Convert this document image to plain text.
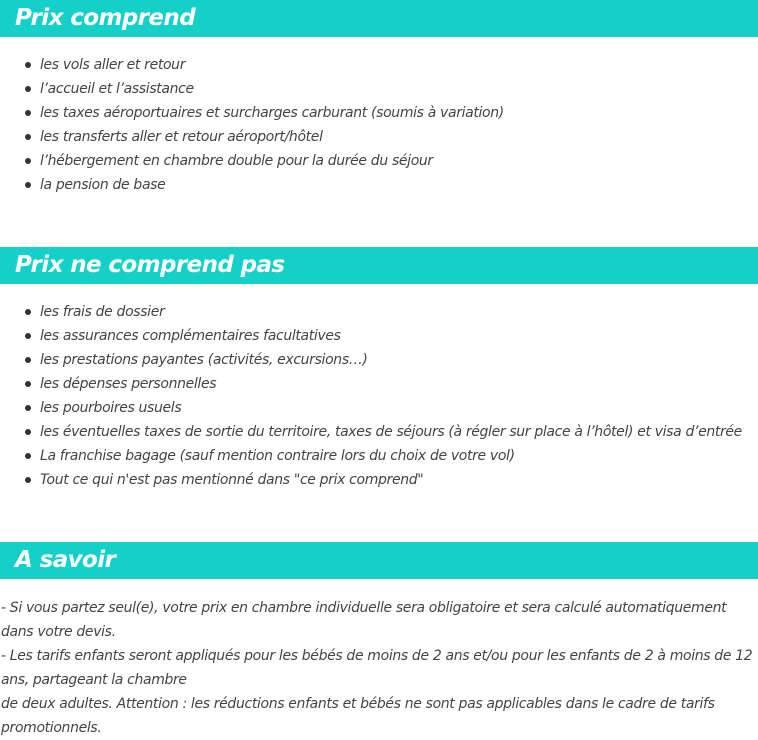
Prix comprend
les vols aller et retour
l’accueil et l’assistance
les taxes aéroportuaires et surcharges carburant (soumis à variation)
les transferts aller et retour aéroport/hôtel
l’hébergement en chambre double pour la durée du séjour
la pension de base
Prix ne comprend pas
les frais de dossier
les assurances complémentaires facultatives
les prestations payantes (activités, excursions…)
les dépenses personnelles
les pourboires usuels
les éventuelles taxes de sortie du territoire, taxes de séjours (à régler sur place à l’hôtel) et visa d’entrée
La franchise bagage (sauf mention contraire lors du choix de votre vol)
Tout ce qui n'est pas mentionné dans "ce prix comprend"
A savoir

- Si vous partez seul(e), votre prix en chambre individuelle sera obligatoire et sera calculé automatiquement dans votre devis.

- Les tarifs enfants seront appliqués pour les bébés de moins de 2 ans et/ou pour les enfants de 2 à moins de 12 ans, partageant la chambre

de deux adultes. Attention : les réductions enfants et bébés ne sont pas applicables dans le cadre de tarifs promotionnels.
